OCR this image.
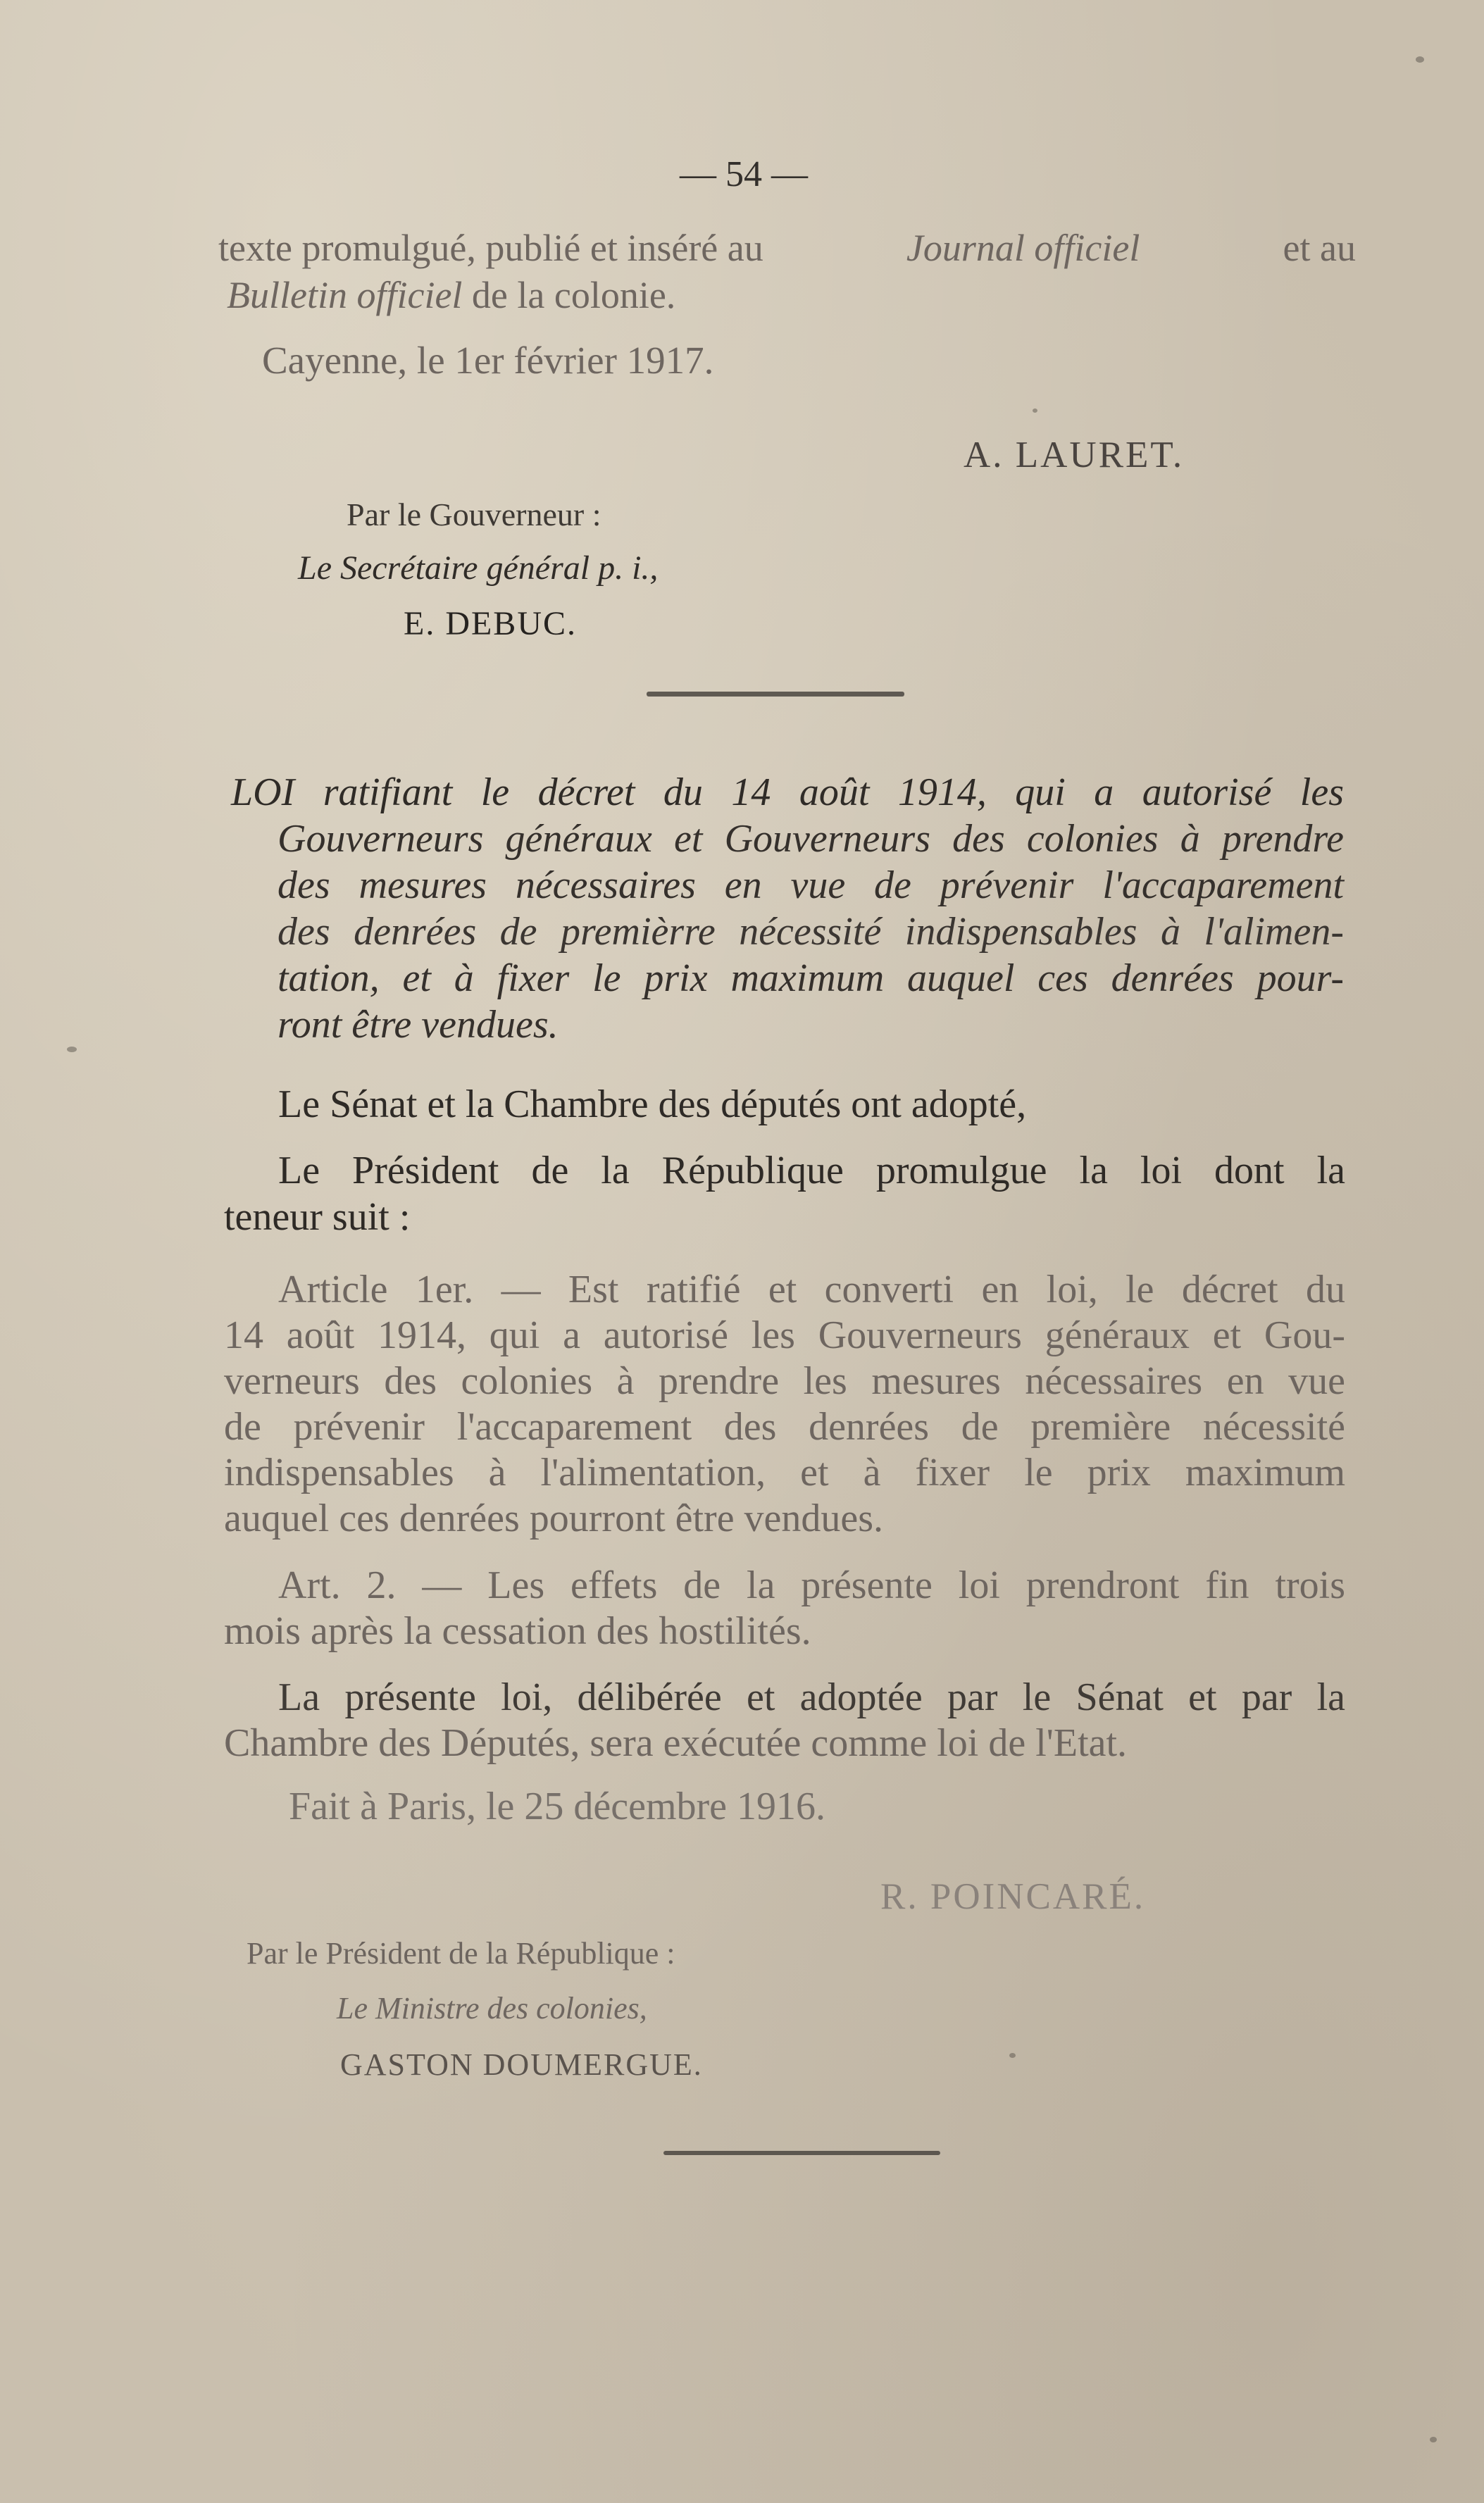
— 54 —
texte promulgué, publié et inséré au	Journal officiel	et au
Bulletin officiel de la colonie.
Cayenne, le 1er février 1917.
A. LAURET.
Par le Gouverneur :
Le Secrétaire général p. i.,
E. DEBUC.
LOI ratifiant le décret du 14 août 1914, qui a autorisé les
Gouverneurs généraux et Gouverneurs des colonies à prendre
des mesures nécessaires en vue de prévenir l'accaparement
des denrées de premièrre nécessité indispensables à l'alimen-
tation, et à fixer le prix maximum auquel ces denrées pour-
ront être vendues.
Le Sénat et la Chambre des députés ont adopté,
Le Président de la République promulgue la loi dont la
teneur suit :
Article 1er. — Est ratifié et converti en loi, le décret du
14 août 1914, qui a autorisé les Gouverneurs généraux et Gou-
verneurs des colonies à prendre les mesures nécessaires en vue
de prévenir l'accaparement des denrées de première nécessité
indispensables à l'alimentation, et à fixer le prix maximum
auquel ces denrées pourront être vendues.
Art. 2. — Les effets de la présente loi prendront fin trois
mois après la cessation des hostilités.
La présente loi, délibérée et adoptée par le Sénat et par la
Chambre des Députés, sera exécutée comme loi de l'Etat.
Fait à Paris, le 25 décembre 1916.
R. POINCARÉ.
Par le Président de la République :
Le Ministre des colonies,
GASTON DOUMERGUE.
